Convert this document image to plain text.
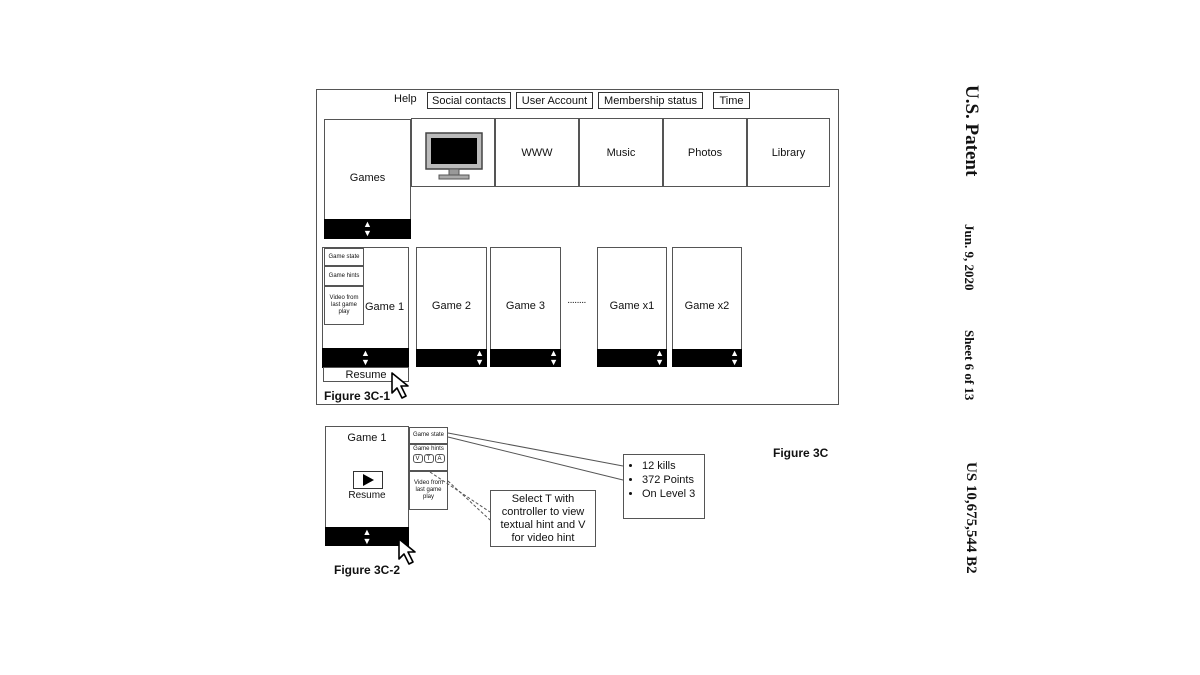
Help	Social contacts	User Account	Membership status	Time
Games
▲
▼
WWW	Music	Photos	Library
Game 1
Game state
Game hints
Video from last game play
▲
▼
Resume
Game 2
▲
▼
Game 3
▲
▼
········	Game x1
▲
▼
Game x2
▲
▼
Figure 3C-1
Game 1
Resume
▲
▼
Game state
Game hints
V	T	A
Video from last game play	Select T with controller to view textual hint and V for video hint
• 12 kills
• 372 Points
• On Level 3
Figure 3C
Figure 3C-2
U.S. Patent
Jun. 9, 2020
Sheet 6 of 13
US 10,675,544 B2
